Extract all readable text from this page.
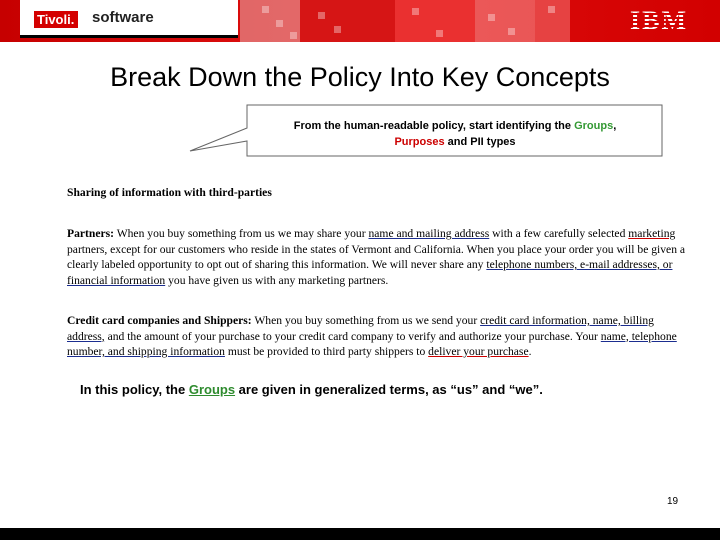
Tivoli. software	IBM
Break Down the Policy Into Key Concepts
From the human-readable policy, start identifying the Groups,
Purposes and PII types
Sharing of information with third-parties
Partners: When you buy something from us we may share your name and mailing address with a few carefully selected marketing partners, except for our customers who reside in the states of Vermont and California. When you place your order you will be given a clearly labeled opportunity to opt out of sharing this information. We will never share any telephone numbers, e-mail addresses, or financial information you have given us with any marketing partners.
Credit card companies and Shippers: When you buy something from us we send your credit card information, name, billing address, and the amount of your purchase to your credit card company to verify and authorize your purchase. Your name, telephone number, and shipping information must be provided to third party shippers to deliver your purchase.
In this policy, the Groups are given in generalized terms, as “us” and “we”.
19
